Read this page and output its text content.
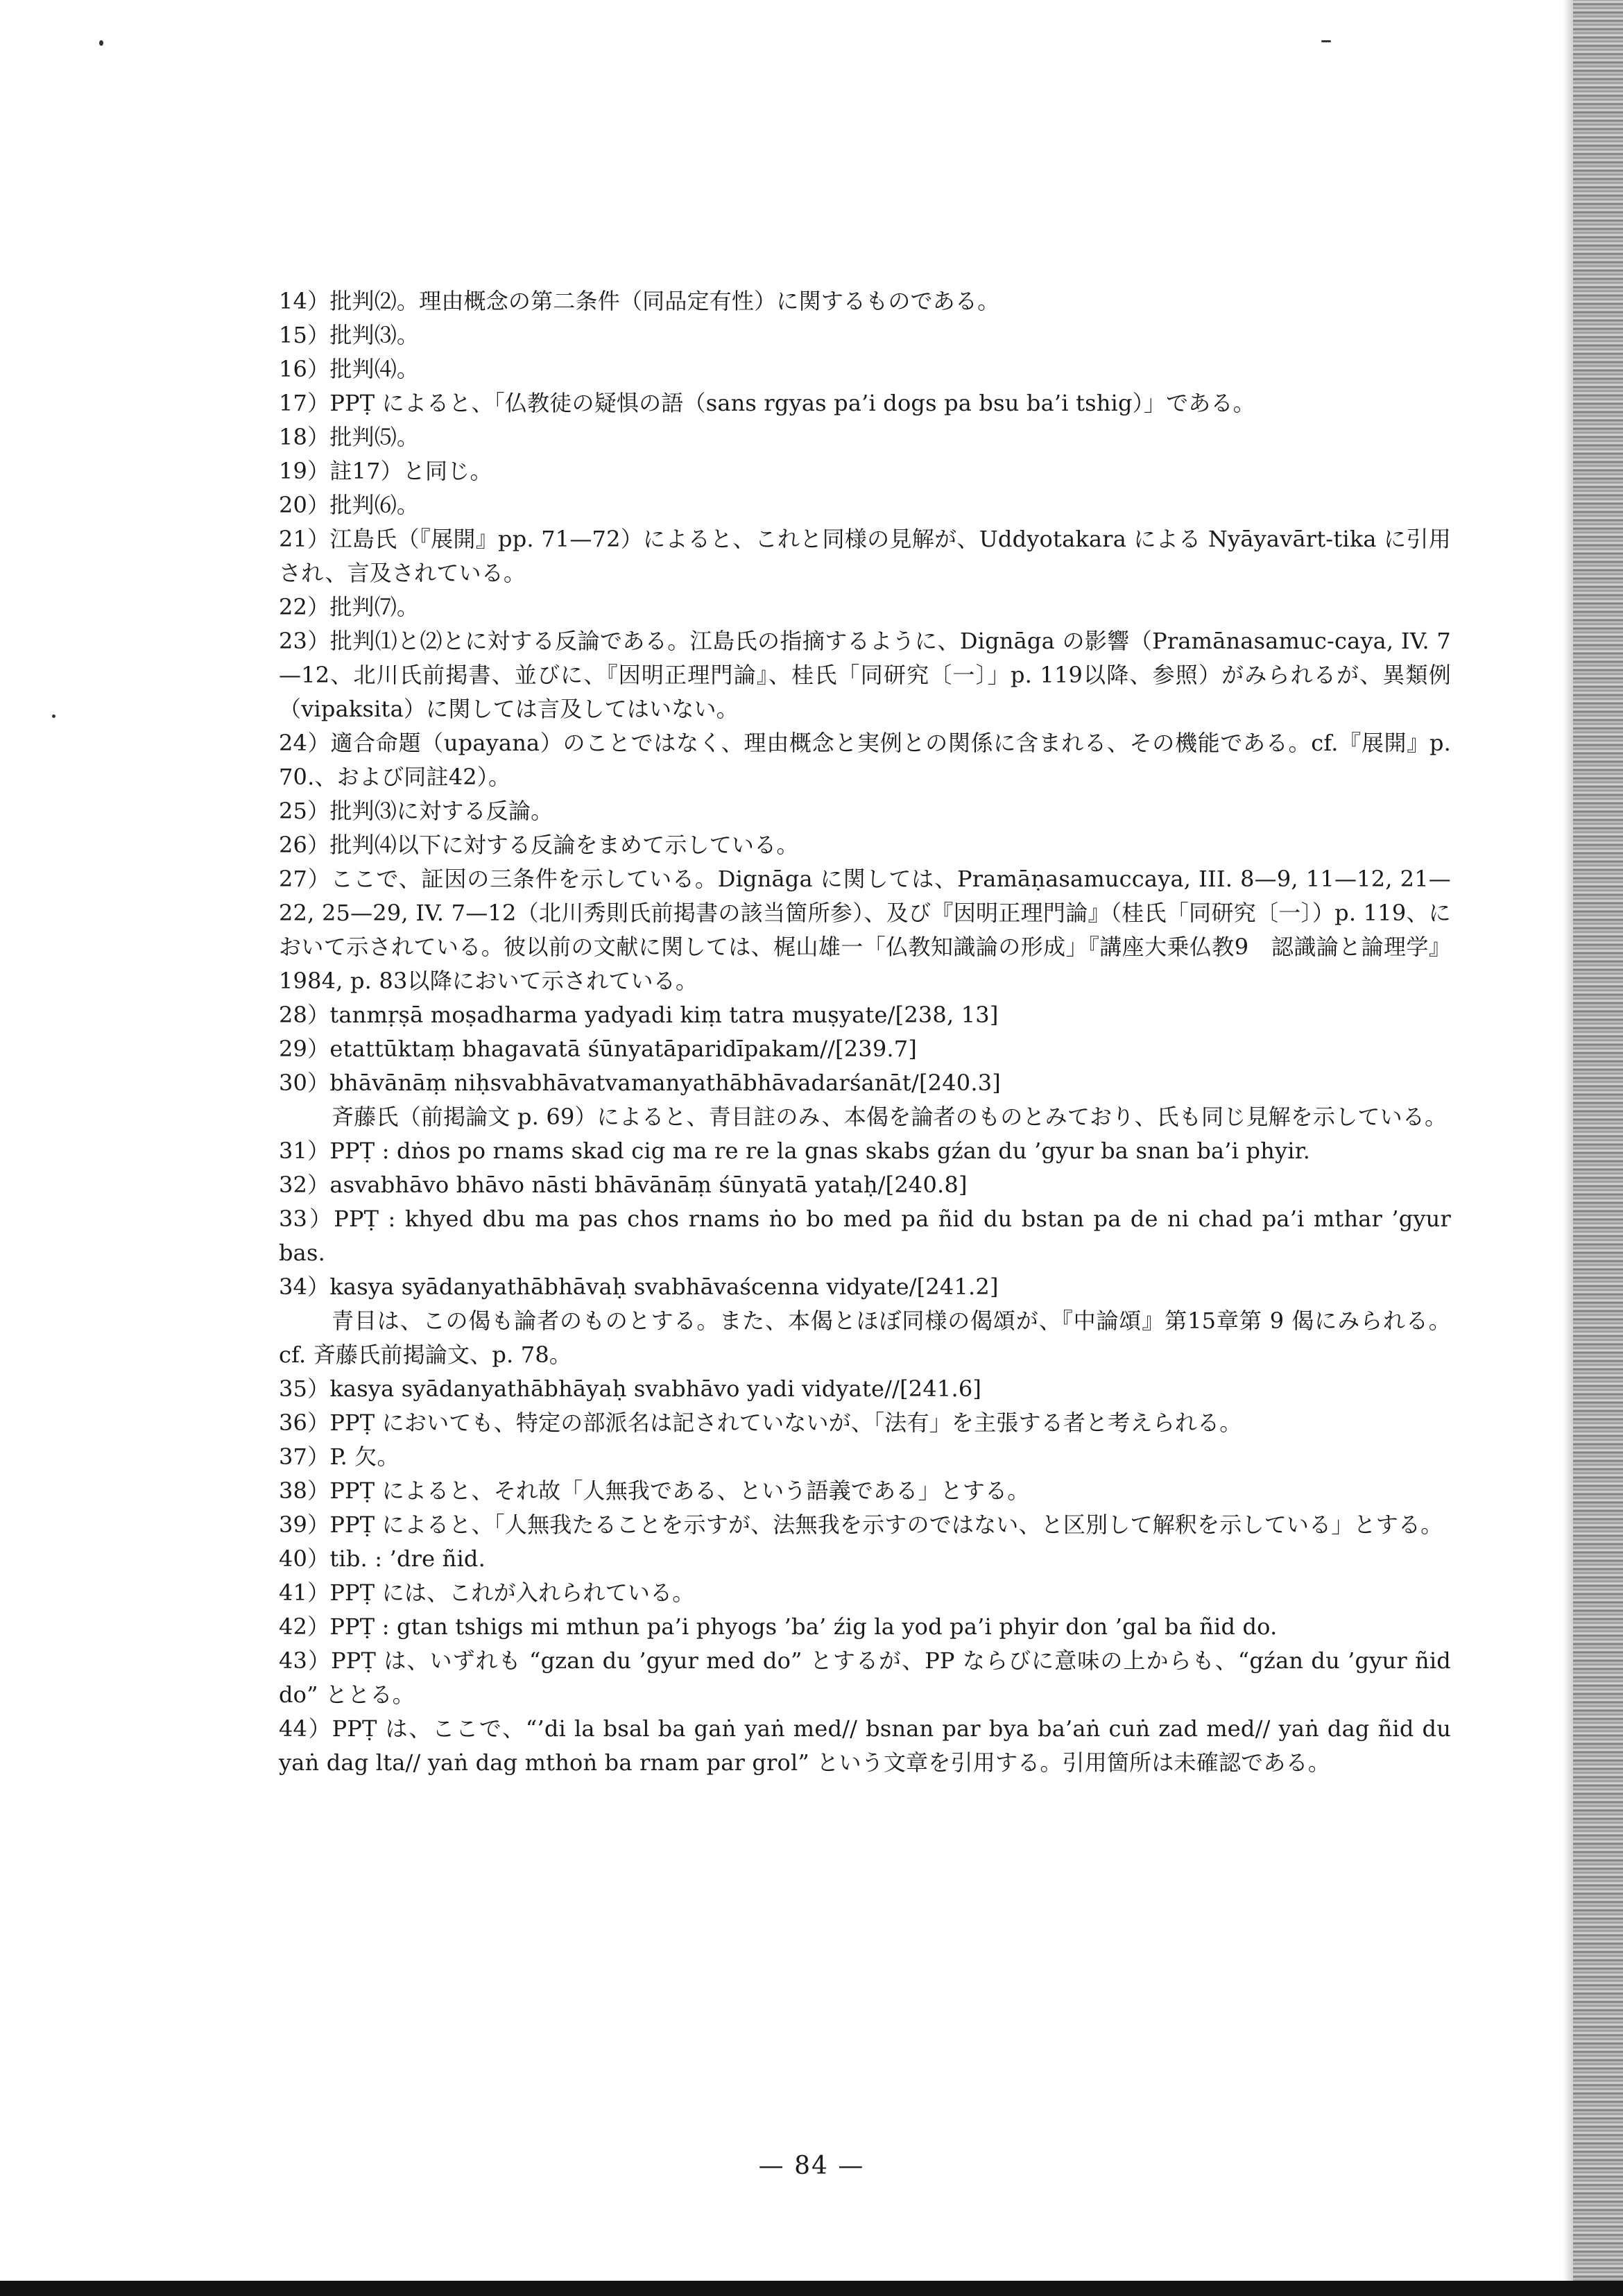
14）批判⑵。理由概念の第二条件（同品定有性）に関するものである。

15）批判⑶。

16）批判⑷。

17）PPṬ によると、「仏教徒の疑惧の語（sans rgyas pa’i dogs pa bsu ba’i tshig）」である。

18）批判⑸。

19）註17）と同じ。

20）批判⑹。

21）江島氏（『展開』pp. 71—72）によると、これと同様の見解が、Uddyotakara による Nyāyavārt-tika に引用され、言及されている。

22）批判⑺。

23）批判⑴と⑵とに対する反論である。江島氏の指摘するように、Dignāga の影響（Pramānasamuc-caya, IV. 7—12、北川氏前掲書、並びに、『因明正理門論』、桂氏「同研究〔一〕」p. 119以降、参照）がみられるが、異類例（vipaksita）に関しては言及してはいない。

24）適合命題（upayana）のことではなく、理由概念と実例との関係に含まれる、その機能である。cf.『展開』p. 70.、および同註42）。

25）批判⑶に対する反論。

26）批判⑷以下に対する反論をまめて示している。

27）ここで、証因の三条件を示している。Dignāga に関しては、Pramāṇasamuccaya, III. 8—9, 11—12, 21—22, 25—29, IV. 7—12（北川秀則氏前掲書の該当箇所参）、及び『因明正理門論』（桂氏「同研究〔一〕）p. 119、において示されている。彼以前の文献に関しては、梶山雄一「仏教知識論の形成」『講座大乗仏教9　認識論と論理学』1984, p. 83以降において示されている。

28）tanmṛṣā moṣadharma yadyadi kiṃ tatra muṣyate/[238, 13]

29）etattūktaṃ bhagavatā śūnyatāparidīpakam//[239.7]

30）bhāvānāṃ niḥsvabhāvatvamanyathābhāvadarśanāt/[240.3]

斉藤氏（前掲論文 p. 69）によると、青目註のみ、本偈を論者のものとみており、氏も同じ見解を示している。

31）PPṬ : dṅos po rnams skad cig ma re re la gnas skabs gźan du ’gyur ba snan ba’i phyir.

32）asvabhāvo bhāvo nāsti bhāvānāṃ śūnyatā yataḥ/[240.8]

33）PPṬ : khyed dbu ma pas chos rnams ṅo bo med pa ñid du bstan pa de ni chad pa’i mthar ’gyur bas.

34）kasya syādanyathābhāvaḥ svabhāvaścenna vidyate/[241.2]

青目は、この偈も論者のものとする。また、本偈とほぼ同様の偈頌が、『中論頌』第15章第 9 偈にみられる。cf. 斉藤氏前掲論文、p. 78。

35）kasya syādanyathābhāyaḥ svabhāvo yadi vidyate//[241.6]

36）PPṬ においても、特定の部派名は記されていないが、「法有」を主張する者と考えられる。

37）P. 欠。

38）PPṬ によると、それ故「人無我である、という語義である」とする。

39）PPṬ によると、「人無我たることを示すが、法無我を示すのではない、と区別して解釈を示している」とする。

40）tib. : ’dre ñid.

41）PPṬ には、これが入れられている。

42）PPṬ : gtan tshigs mi mthun pa’i phyogs ’ba’ źig la yod pa’i phyir don ’gal ba ñid do.

43）PPṬ は、いずれも “gzan du ’gyur med do” とするが、PP ならびに意味の上からも、“gźan du ’gyur ñid do” ととる。

44）PPṬ は、ここで、“’di la bsal ba gaṅ yaṅ med// bsnan par bya ba’aṅ cuṅ zad med// yaṅ dag ñid du yaṅ dag lta// yaṅ dag mthoṅ ba rnam par grol” という文章を引用する。引用箇所は未確認である。

— 84 —
